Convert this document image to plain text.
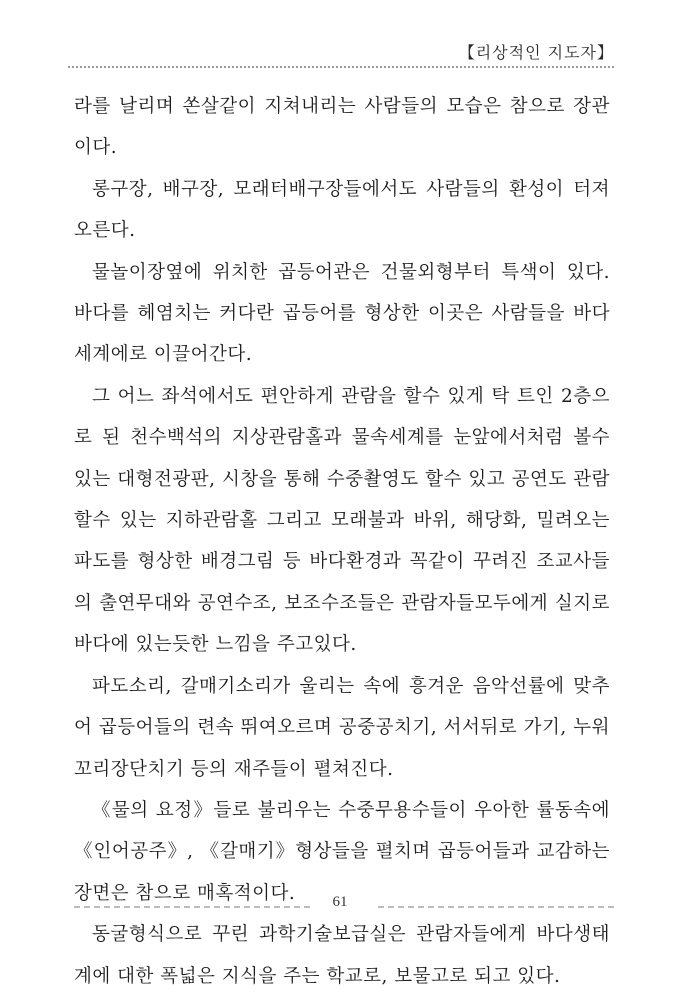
【리상적인 지도자】

라를 날리며 쏜살같이 지쳐내리는 사람들의 모습은 참으로 장관이다.

롱구장, 배구장, 모래터배구장들에서도 사람들의 환성이 터져오른다.

물놀이장옆에 위치한 곱등어관은 건물외형부터 특색이 있다. 바다를 헤염치는 커다란 곱등어를 형상한 이곳은 사람들을 바다세계에로 이끌어간다.

그 어느 좌석에서도 편안하게 관람을 할수 있게 탁 트인 2층으로 된 천수백석의 지상관람홀과 물속세계를 눈앞에서처럼 볼수 있는 대형전광판, 시창을 통해 수중촬영도 할수 있고 공연도 관람할수 있는 지하관람홀 그리고 모래불과 바위, 해당화, 밀려오는 파도를 형상한 배경그림 등 바다환경과 꼭같이 꾸려진 조교사들의 출연무대와 공연수조, 보조수조들은 관람자들모두에게 실지로 바다에 있는듯한 느낌을 주고있다.

파도소리, 갈매기소리가 울리는 속에 흥겨운 음악선률에 맞추어 곱등어들의 련속 뛰여오르며 공중공치기, 서서뒤로 가기, 누워꼬리장단치기 등의 재주들이 펼쳐진다.

《물의 요정》들로 불리우는 수중무용수들이 우아한 률동속에 《인어공주》, 《갈매기》형상들을 펼치며 곱등어들과 교감하는 장면은 참으로 매혹적이다.

동굴형식으로 꾸린 과학기술보급실은 관람자들에게 바다생태계에 대한 폭넓은 지식을 주는 학교로, 보물고로 되고 있다.

61
